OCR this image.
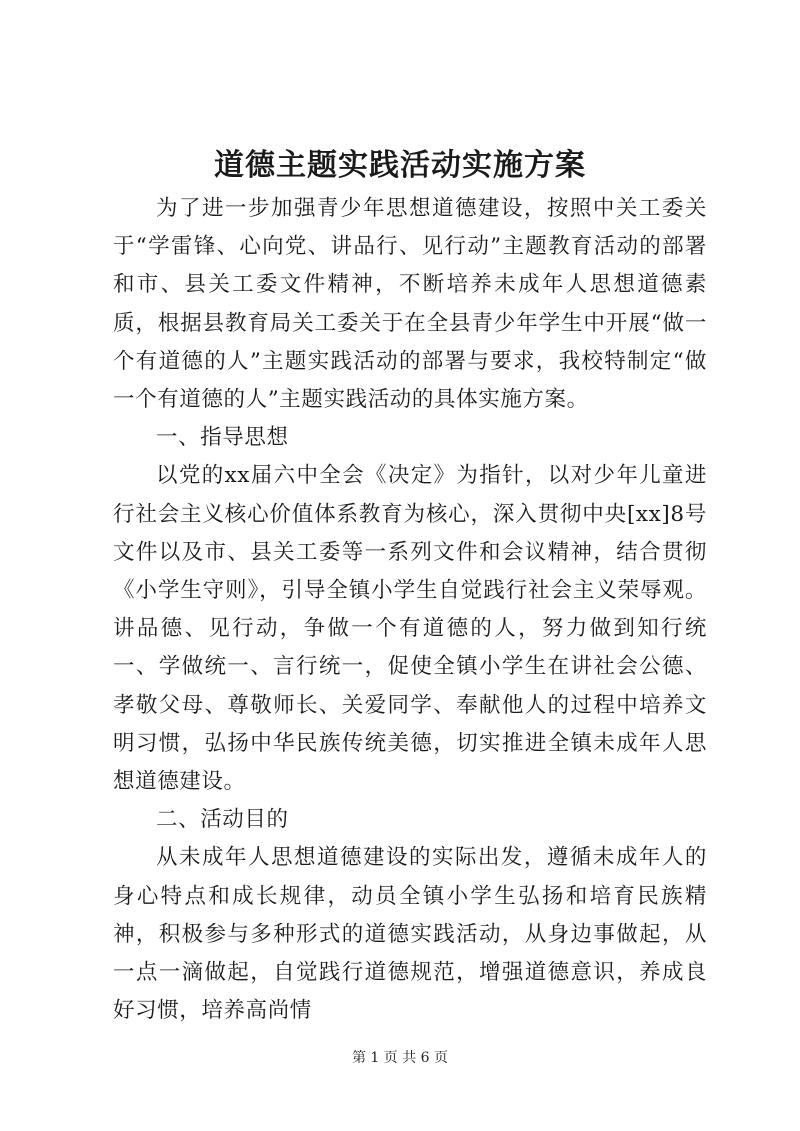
道德主题实践活动实施方案

为了进一步加强青少年思想道德建设，按照中关工委关于“学雷锋、心向党、讲品行、见行动”主题教育活动的部署和市、县关工委文件精神，不断培养未成年人思想道德素质，根据县教育局关工委关于在全县青少年学生中开展“做一个有道德的人”主题实践活动的部署与要求，我校特制定“做一个有道德的人”主题实践活动的具体实施方案。

一、指导思想

以党的xx届六中全会《决定》为指针，以对少年儿童进行社会主义核心价值体系教育为核心，深入贯彻中央[xx]8号文件以及市、县关工委等一系列文件和会议精神，结合贯彻《小学生守则》，引导全镇小学生自觉践行社会主义荣辱观。讲品德、见行动，争做一个有道德的人，努力做到知行统一、学做统一、言行统一，促使全镇小学生在讲社会公德、孝敬父母、尊敬师长、关爱同学、奉献他人的过程中培养文明习惯，弘扬中华民族传统美德，切实推进全镇未成年人思想道德建设。

二、活动目的

从未成年人思想道德建设的实际出发，遵循未成年人的身心特点和成长规律，动员全镇小学生弘扬和培育民族精神，积极参与多种形式的道德实践活动，从身边事做起，从一点一滴做起，自觉践行道德规范，增强道德意识，养成良好习惯，培养高尚情

第 1 页 共 6 页
